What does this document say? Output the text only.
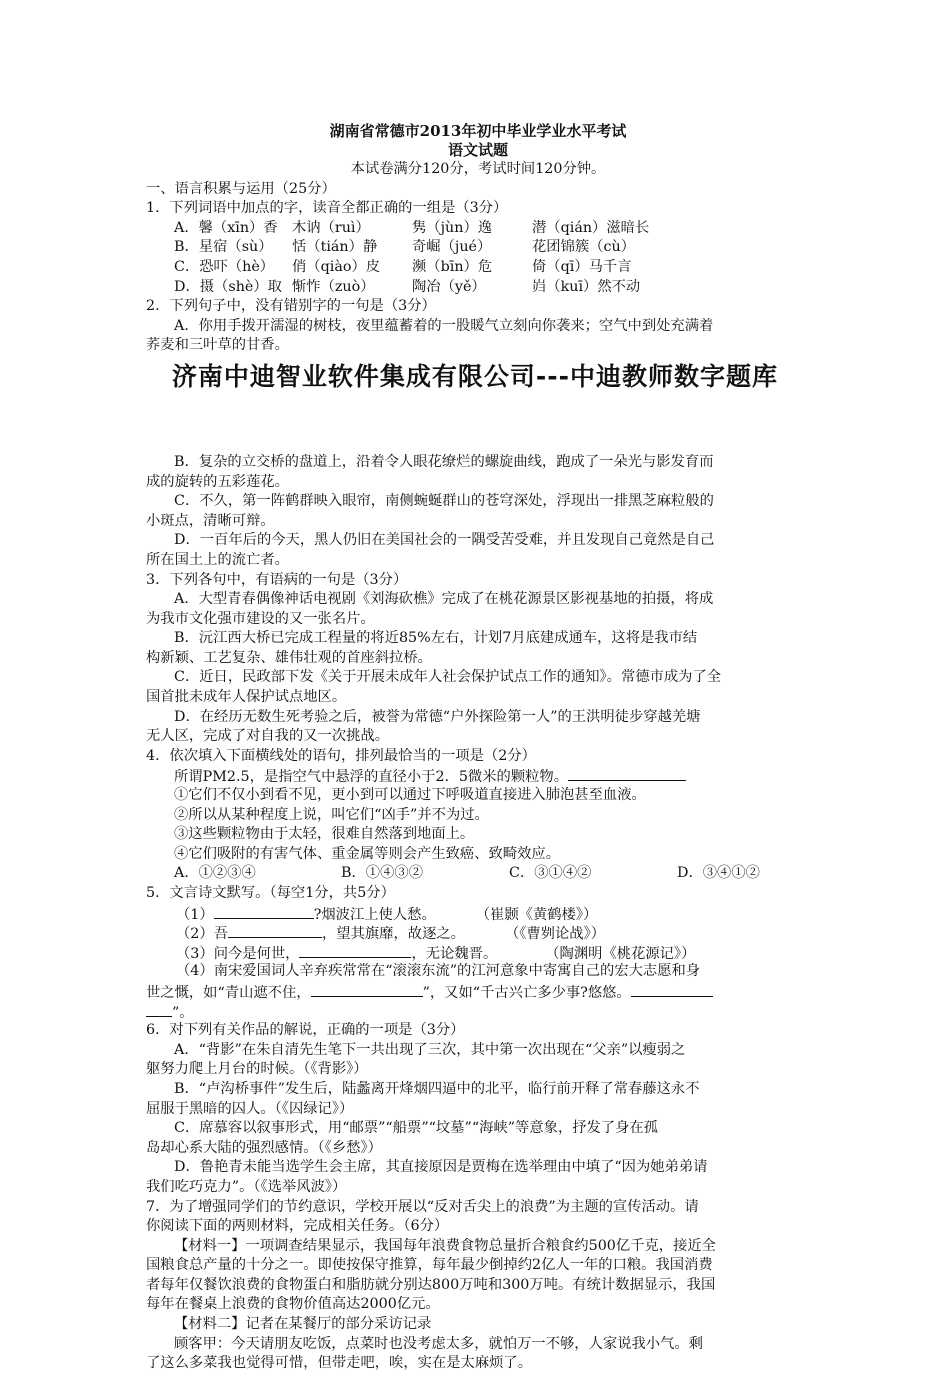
济南中迪智业软件集成有限公司---中迪教师数字题库
湖南省常德市2013年初中毕业学业水平考试
语文试题
本试卷满分120分，考试时间120分钟。
一、语言积累与运用（25分）
1．下列词语中加点的字，读音全都正确的一组是（3分）
A．馨（xīn）香	木讷（ruì）	隽（jùn）逸	潜（qián）滋暗长
B．星宿（sù）	恬（tián）静	奇崛（jué）	花团锦簇（cù）
C．恐吓（hè）	俏（qiào）皮	濒（bīn）危	倚（qī）马千言
D．摄（shè）取 惭怍（zuò）	陶冶（yě）	岿（kuī）然不动
2．下列句子中，没有错别字的一句是（3分）
A．你用手拨开濡湿的树枝，夜里蕴蓄着的一股暖气立刻向你袭来；空气中到处充满着
荞麦和三叶草的甘香。
B．复杂的立交桥的盘道上，沿着令人眼花缭烂的螺旋曲线，跑成了一朵光与影发育而
成的旋转的五彩莲花。
C．不久，第一阵鹤群映入眼帘，南侧蜿蜒群山的苍穹深处，浮现出一排黑芝麻粒般的
小斑点，清晰可辩。
D．一百年后的今天，黑人仍旧在美国社会的一隅受苦受难，并且发现自己竟然是自己
所在国土上的流亡者。
3．下列各句中，有语病的一句是（3分）
A．大型青春偶像神话电视剧《刘海砍樵》完成了在桃花源景区影视基地的拍摄，将成
为我市文化强市建设的又一张名片。
B．沅江西大桥已完成工程量的将近85%左右，计划7月底建成通车，这将是我市结
构新颖、工艺复杂、雄伟壮观的首座斜拉桥。
C．近日，民政部下发《关于开展未成年人社会保护试点工作的通知》。常德市成为了全
国首批未成年人保护试点地区。
D．在经历无数生死考验之后，被誉为常德“户外探险第一人”的王洪明徒步穿越羌塘
无人区，完成了对自我的又一次挑战。
4．依次填入下面横线处的语句，排列最恰当的一项是（2分）
所谓PM2.5，是指空气中悬浮的直径小于2．5微米的颗粒物。
①它们不仅小到看不见，更小到可以通过下呼吸道直接进入肺泡甚至血液。
②所以从某种程度上说，叫它们“凶手”并不为过。
③这些颗粒物由于太轻，很难自然落到地面上。
④它们吸附的有害气体、重金属等则会产生致癌、致畸效应。
A．①②③④	B．①④③②	C．③①④②	D．③④①②
5．文言诗文默写。（每空1分，共5分）
（1）	?烟波江上使人愁。	（崔颢《黄鹤楼》）
（2）吾	，望其旗靡，故逐之。	（《曹刿论战》）
（3）问今是何世，	，无论魏晋。	（陶渊明《桃花源记》）
（4）南宋爱国词人辛弃疾常常在“滚滚东流”的江河意象中寄寓自己的宏大志愿和身
世之慨，如“青山遮不住，	”，又如“千古兴亡多少事?悠悠。
”。
6．对下列有关作品的解说，正确的一项是（3分）
A．“背影”在朱自清先生笔下一共出现了三次，其中第一次出现在“父亲”以瘦弱之
躯努力爬上月台的时候。（《背影》）
B．“卢沟桥事件”发生后，陆蠡离开烽烟四逼中的北平，临行前开释了常春藤这永不
屈服于黑暗的囚人。（《囚绿记》）
C．席慕容以叙事形式，用“邮票”“船票”“坟墓”“海峡”等意象，抒发了身在孤
岛却心系大陆的强烈感情。（《乡愁》）
D．鲁艳青未能当选学生会主席，其直接原因是贾梅在选举理由中填了“因为她弟弟请
我们吃巧克力”。（《选举风波》）
7．为了增强同学们的节约意识，学校开展以“反对舌尖上的浪费”为主题的宣传活动。请
你阅读下面的两则材料，完成相关任务。（6分）
【材料一】一项调查结果显示，我国每年浪费食物总量折合粮食约500亿千克，接近全
国粮食总产量的十分之一。即使按保守推算，每年最少倒掉约2亿人一年的口粮。我国消费
者每年仅餐饮浪费的食物蛋白和脂肪就分别达800万吨和300万吨。有统计数据显示，我国
每年在餐桌上浪费的食物价值高达2000亿元。
【材料二】记者在某餐厅的部分采访记录
顾客甲：今天请朋友吃饭，点菜时也没考虑太多，就怕万一不够，人家说我小气。剩
了这么多菜我也觉得可惜，但带走吧，唉，实在是太麻烦了。
